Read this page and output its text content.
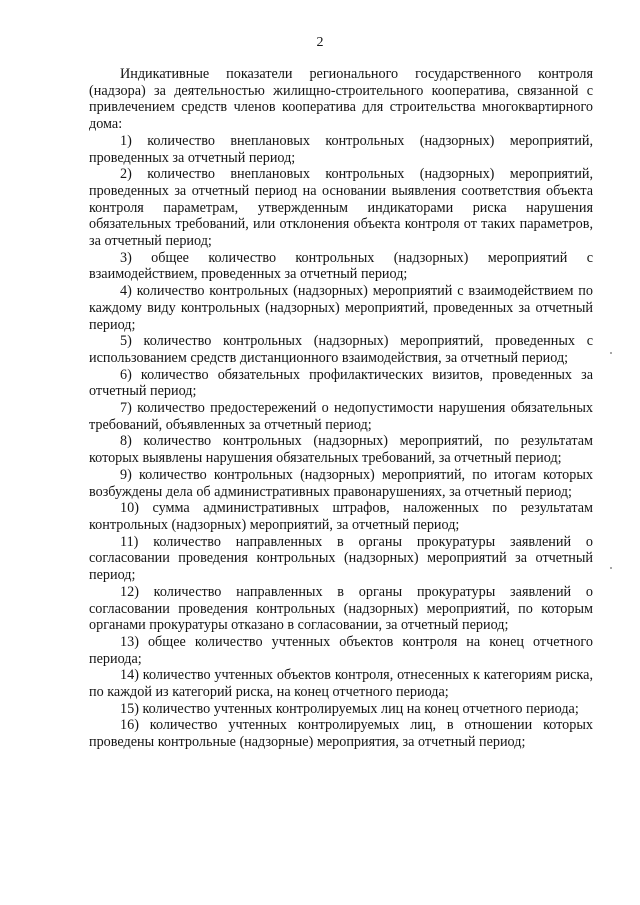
2

Индикативные показатели регионального государственного контроля (надзора) за деятельностью жилищно-строительного кооператива, связанной с привлечением средств членов кооператива для строительства многоквартирного дома:

1) количество внеплановых контрольных (надзорных) мероприятий, проведенных за отчетный период;

2) количество внеплановых контрольных (надзорных) мероприятий, проведенных за отчетный период на основании выявления соответствия объекта контроля параметрам, утвержденным индикаторами риска нарушения обязательных требований, или отклонения объекта контроля от таких параметров, за отчетный период;

3) общее количество контрольных (надзорных) мероприятий с взаимодействием, проведенных за отчетный период;

4) количество контрольных (надзорных) мероприятий с взаимодействием по каждому виду контрольных (надзорных) мероприятий, проведенных за отчетный период;

5) количество контрольных (надзорных) мероприятий, проведенных с использованием средств дистанционного взаимодействия, за отчетный период;

6) количество обязательных профилактических визитов, проведенных за отчетный период;

7) количество предостережений о недопустимости нарушения обязательных требований, объявленных за отчетный период;

8) количество контрольных (надзорных) мероприятий, по результатам которых выявлены нарушения обязательных требований, за отчетный период;

9) количество контрольных (надзорных) мероприятий, по итогам которых возбуждены дела об административных правонарушениях, за отчетный период;

10) сумма административных штрафов, наложенных по результатам контрольных (надзорных) мероприятий, за отчетный период;

11) количество направленных в органы прокуратуры заявлений о согласовании проведения контрольных (надзорных) мероприятий за отчетный период;

12) количество направленных в органы прокуратуры заявлений о согласовании проведения контрольных (надзорных) мероприятий, по которым органами прокуратуры отказано в согласовании, за отчетный период;

13) общее количество учтенных объектов контроля на конец отчетного периода;

14) количество учтенных объектов контроля, отнесенных к категориям риска, по каждой из категорий риска, на конец отчетного периода;

15) количество учтенных контролируемых лиц на конец отчетного периода;

16) количество учтенных контролируемых лиц, в отношении которых проведены контрольные (надзорные) мероприятия, за отчетный период;
